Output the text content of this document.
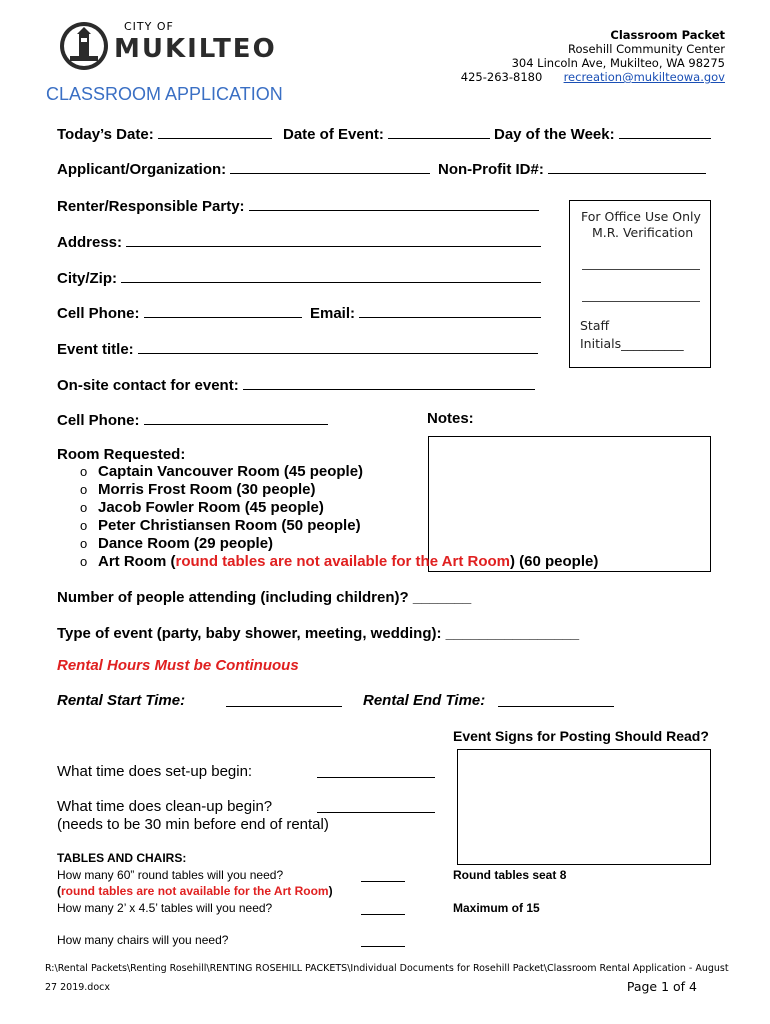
CITY OF
MUKILTEO	Classroom Packet
Rosehill Community Center
304 Lincoln Ave, Mukilteo, WA 98275
425-263-8180 recreation@mukilteowa.gov
CLASSROOM APPLICATION
Today’s Date:	Date of Event:	Day of the Week:
Applicant/Organization:	Non-Profit ID#:
Renter/Responsible Party:
Address:
City/Zip:
Cell Phone:	Email:
Event title:
On-site contact for event:
Cell Phone:	Notes:
For Office Use Only
M.R. Verification
Staff
Initials__________
Room Requested:
o Captain Vancouver Room (45 people)
o Morris Frost Room (30 people)
o Jacob Fowler Room (45 people)
o Peter Christiansen Room (50 people)
o Dance Room (29 people)
o Art Room (round tables are not available for the Art Room) (60 people)
Number of people attending (including children)? _______
Type of event (party, baby shower, meeting, wedding): ________________
Rental Hours Must be Continuous
Rental Start Time:	Rental End Time:
Event Signs for Posting Should Read?
What time does set-up begin:
What time does clean-up begin?
(needs to be 30 min before end of rental)
TABLES AND CHAIRS:
How many 60” round tables will you need?	Round tables seat 8
(round tables are not available for the Art Room)
How many 2’ x 4.5’ tables will you need?	Maximum of 15
How many chairs will you need?
R:\Rental Packets\Renting Rosehill\RENTING ROSEHILL PACKETS\Individual Documents for Rosehill Packet\Classroom Rental Application - August
27 2019.docx	Page 1 of 4
